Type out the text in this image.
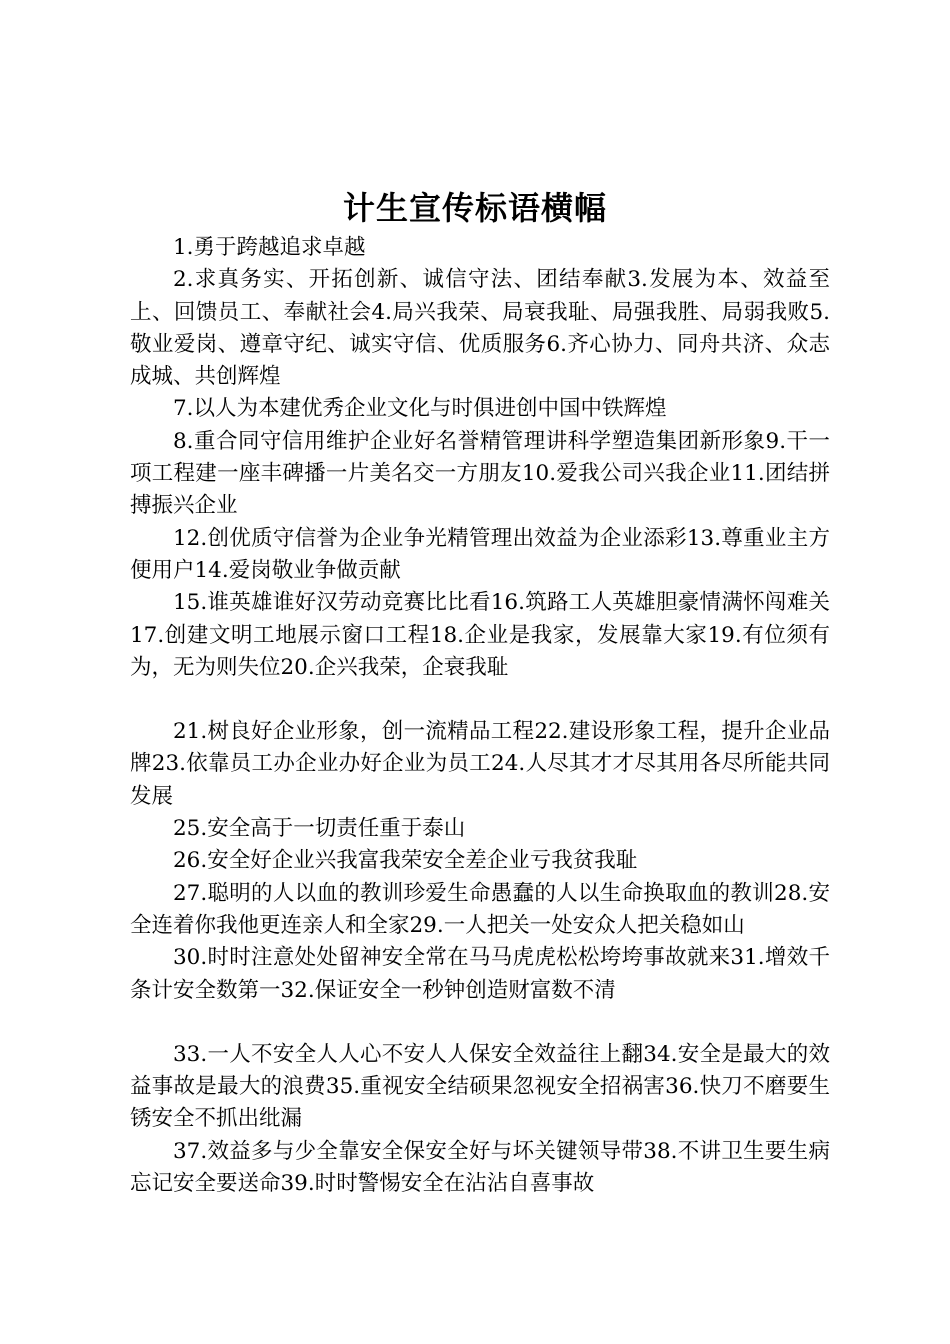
计生宣传标语横幅

1.勇于跨越追求卓越

2.求真务实、开拓创新、诚信守法、团结奉献3.发展为本、效益至上、回馈员工、奉献社会4.局兴我荣、局衰我耻、局强我胜、局弱我败5.敬业爱岗、遵章守纪、诚实守信、优质服务6.齐心协力、同舟共济、众志成城、共创辉煌

7.以人为本建优秀企业文化与时俱进创中国中铁辉煌

8.重合同守信用维护企业好名誉精管理讲科学塑造集团新形象9.干一项工程建一座丰碑播一片美名交一方朋友10.爱我公司兴我企业11.团结拼搏振兴企业

12.创优质守信誉为企业争光精管理出效益为企业添彩13.尊重业主方便用户14.爱岗敬业争做贡献

15.谁英雄谁好汉劳动竞赛比比看16.筑路工人英雄胆豪情满怀闯难关17.创建文明工地展示窗口工程18.企业是我家，发展靠大家19.有位须有为，无为则失位20.企兴我荣，企衰我耻

21.树良好企业形象，创一流精品工程22.建设形象工程，提升企业品牌23.依靠员工办企业办好企业为员工24.人尽其才才尽其用各尽所能共同发展

25.安全高于一切责任重于泰山

26.安全好企业兴我富我荣安全差企业亏我贫我耻

27.聪明的人以血的教训珍爱生命愚蠢的人以生命换取血的教训28.安全连着你我他更连亲人和全家29.一人把关一处安众人把关稳如山

30.时时注意处处留神安全常在马马虎虎松松垮垮事故就来31.增效千条计安全数第一32.保证安全一秒钟创造财富数不清

33.一人不安全人人心不安人人保安全效益往上翻34.安全是最大的效益事故是最大的浪费35.重视安全结硕果忽视安全招祸害36.快刀不磨要生锈安全不抓出纰漏

37.效益多与少全靠安全保安全好与坏关键领导带38.不讲卫生要生病忘记安全要送命39.时时警惕安全在沾沾自喜事故
